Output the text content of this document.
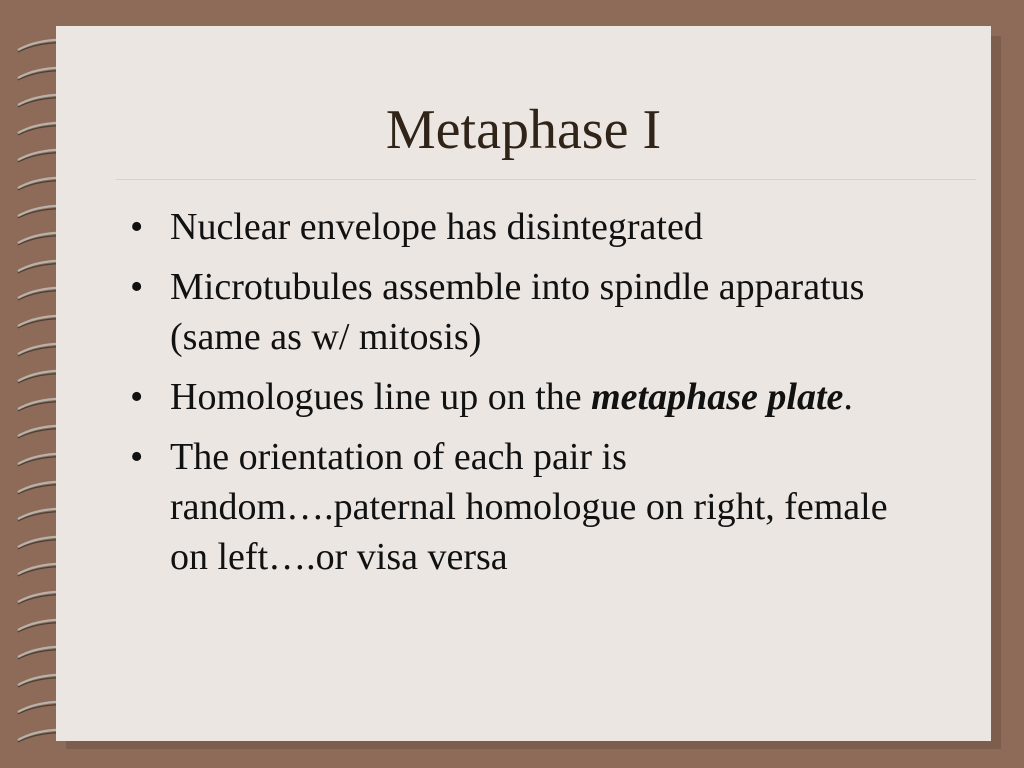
Metaphase I
• Nuclear envelope has disintegrated
• Microtubules assemble into spindle apparatus (same as w/ mitosis)
• Homologues line up on the metaphase plate.
• The orientation of each pair is random….paternal homologue on right, female on left….or visa versa
